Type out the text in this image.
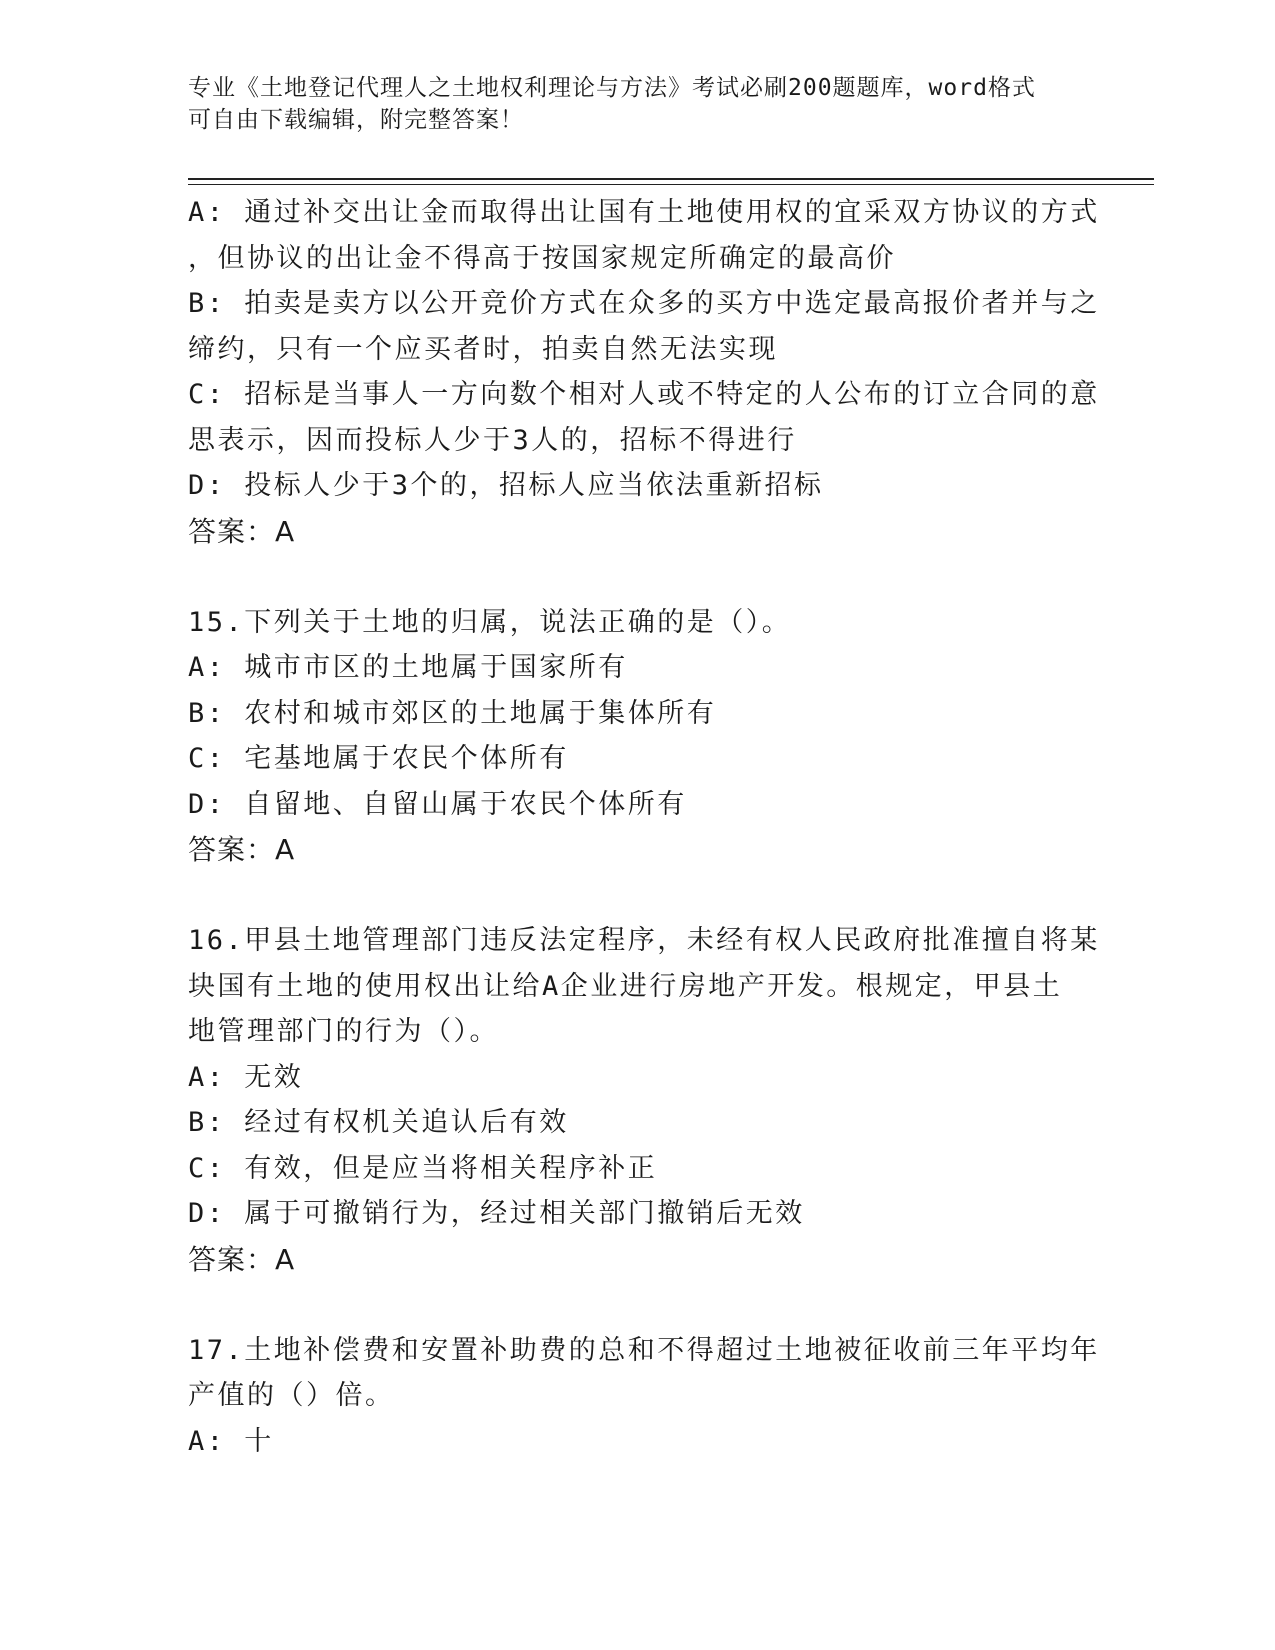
专业《土地登记代理人之土地权利理论与方法》考试必刷200题题库，word格式
可自由下载编辑，附完整答案！
A: 通过补交出让金而取得出让国有土地使用权的宜采双方协议的方式
，但协议的出让金不得高于按国家规定所确定的最高价
B: 拍卖是卖方以公开竞价方式在众多的买方中选定最高报价者并与之
缔约，只有一个应买者时，拍卖自然无法实现
C: 招标是当事人一方向数个相对人或不特定的人公布的订立合同的意
思表示，因而投标人少于3人的，招标不得进行
D: 投标人少于3个的，招标人应当依法重新招标
答案：A
15.下列关于土地的归属，说法正确的是（）。
A: 城市市区的土地属于国家所有
B: 农村和城市郊区的土地属于集体所有
C: 宅基地属于农民个体所有
D: 自留地、自留山属于农民个体所有
答案：A
16.甲县土地管理部门违反法定程序，未经有权人民政府批准擅自将某
块国有土地的使用权出让给A企业进行房地产开发。根规定，甲县土
地管理部门的行为（）。
A: 无效
B: 经过有权机关追认后有效
C: 有效，但是应当将相关程序补正
D: 属于可撤销行为，经过相关部门撤销后无效
答案：A
17.土地补偿费和安置补助费的总和不得超过土地被征收前三年平均年
产值的（）倍。
A: 十
